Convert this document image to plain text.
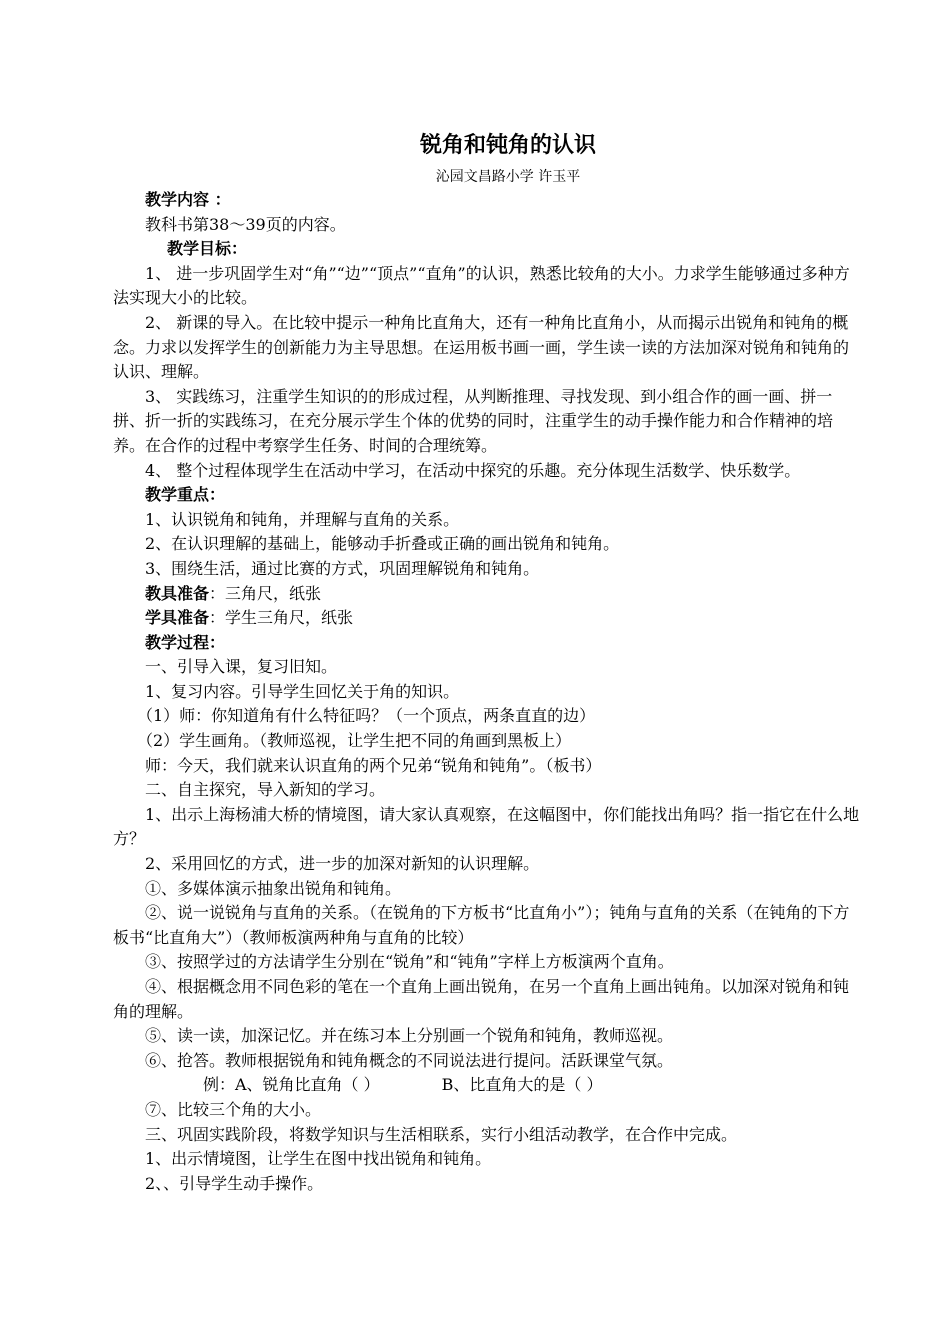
锐角和钝角的认识
沁园文昌路小学 许玉平

教学内容 ：

教科书第38～39页的内容。

教学目标：

1、 进一步巩固学生对“角”“边”“顶点”“直角”的认识，熟悉比较角的大小。力求学生能够通过多种方法实现大小的比较。

2、 新课的导入。在比较中提示一种角比直角大，还有一种角比直角小，从而揭示出锐角和钝角的概念。力求以发挥学生的创新能力为主导思想。在运用板书画一画，学生读一读的方法加深对锐角和钝角的认识、理解。

3、 实践练习，注重学生知识的的形成过程，从判断推理、寻找发现、到小组合作的画一画、拼一拼、折一折的实践练习，在充分展示学生个体的优势的同时，注重学生的动手操作能力和合作精神的培养。在合作的过程中考察学生任务、时间的合理统筹。

4、 整个过程体现学生在活动中学习，在活动中探究的乐趣。充分体现生活数学、快乐数学。

教学重点：

1、认识锐角和钝角，并理解与直角的关系。

2、在认识理解的基础上，能够动手折叠或正确的画出锐角和钝角。

3、围绕生活，通过比赛的方式，巩固理解锐角和钝角。

教具准备：三角尺，纸张

学具准备：学生三角尺，纸张

教学过程：

一、引导入课，复习旧知。

1、复习内容。引导学生回忆关于角的知识。

（1）师：你知道角有什么特征吗？（一个顶点，两条直直的边）

（2）学生画角。（教师巡视，让学生把不同的角画到黑板上）

师：今天，我们就来认识直角的两个兄弟“锐角和钝角”。（板书）

二、自主探究，导入新知的学习。

1、出示上海杨浦大桥的情境图，请大家认真观察，在这幅图中，你们能找出角吗？指一指它在什么地方？

2、采用回忆的方式，进一步的加深对新知的认识理解。

①、多媒体演示抽象出锐角和钝角。

②、说一说锐角与直角的关系。（在锐角的下方板书“比直角小”）；钝角与直角的关系（在钝角的下方板书“比直角大”）（教师板演两种角与直角的比较）

③、按照学过的方法请学生分别在“锐角”和“钝角”字样上方板演两个直角。

④、根据概念用不同色彩的笔在一个直角上画出锐角，在另一个直角上画出钝角。以加深对锐角和钝角的理解。

⑤、读一读，加深记忆。并在练习本上分别画一个锐角和钝角，教师巡视。

⑥、抢答。教师根据锐角和钝角概念的不同说法进行提问。活跃课堂气氛。

例：A、锐角比直角（ ）	B、比直角大的是（ ）

⑦、比较三个角的大小。

三、巩固实践阶段，将数学知识与生活相联系，实行小组活动教学，在合作中完成。

1、出示情境图，让学生在图中找出锐角和钝角。

2、、引导学生动手操作。
